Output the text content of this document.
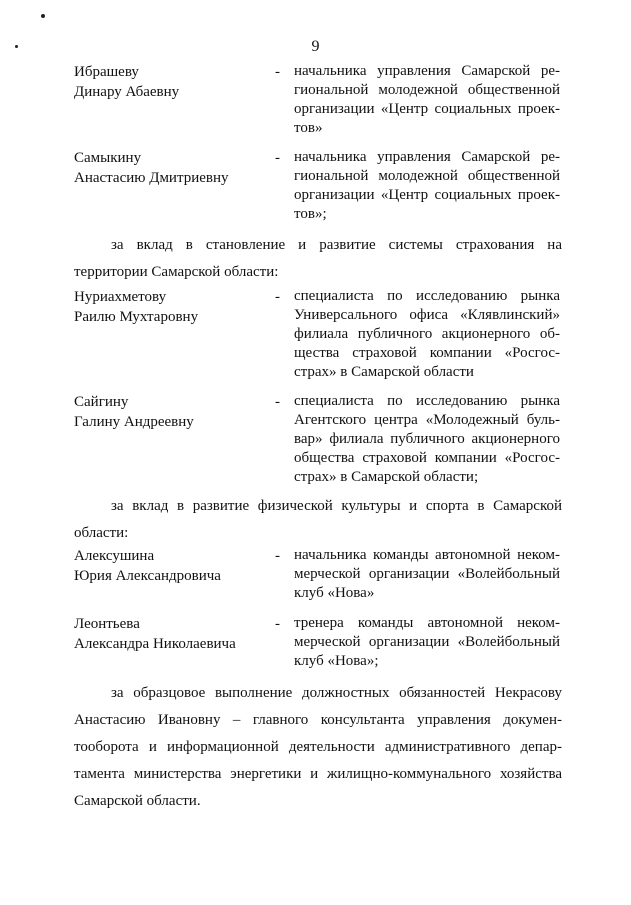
9
Ибрашеву
Динару Абаевну
- начальника управления Самарской региональной молодежной общественной организации «Центр социальных проектов»
Самыкину
Анастасию Дмитриевну
- начальника управления Самарской региональной молодежной общественной организации «Центр социальных проектов»;
за вклад в становление и развитие системы страхования на территории Самарской области:
Нуриахметову
Раилю Мухтаровну
- специалиста по исследованию рынка Универсального офиса «Клявлинский» филиала публичного акционерного общества страховой компании «Росгосстрах» в Самарской области
Сайгину
Галину Андреевну
- специалиста по исследованию рынка Агентского центра «Молодежный бульвар» филиала публичного акционерного общества страховой компании «Росгосстрах» в Самарской области;
за вклад в развитие физической культуры и спорта в Самарской области:
Алексушина
Юрия Александровича
- начальника команды автономной некоммерческой организации «Волейбольный клуб «Нова»
Леонтьева
Александра Николаевича
- тренера команды автономной некоммерческой организации «Волейбольный клуб «Нова»;
за образцовое выполнение должностных обязанностей Некрасову Анастасию Ивановну – главного консультанта управления документооборота и информационной деятельности административного департамента министерства энергетики и жилищно-коммунального хозяйства Самарской области.
